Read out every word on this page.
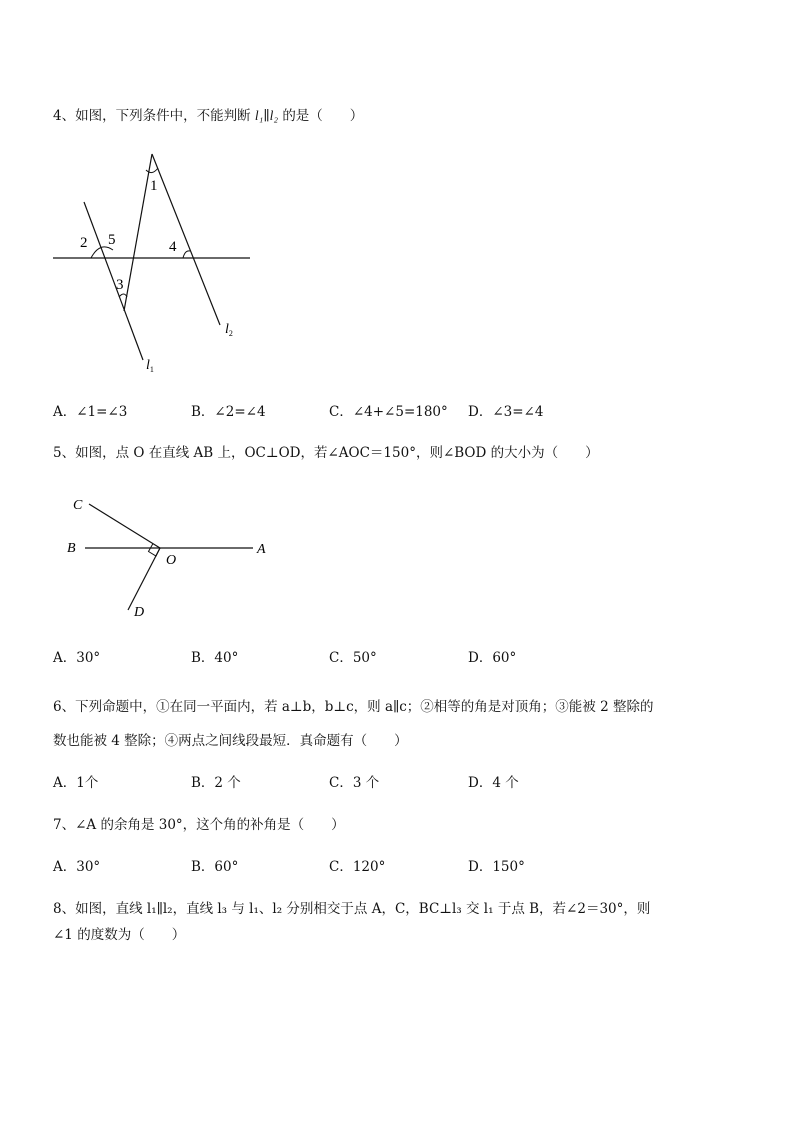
4、如图，下列条件中，不能判断 l₁∥l₂ 的是（　　）
1
2 5
3
4
$l_2$
$l_1$
A．∠1=∠3	B．∠2=∠4	C．∠4+∠5=180° D．∠3=∠4
5、如图，点 O 在直线 AB 上，OC⊥OD，若∠AOC＝150°，则∠BOD 的大小为（　　）
C
B
O
A
D
A．30°	B．40°	C．50°	D．60°
6、下列命题中，①在同一平面内，若 a⊥b，b⊥c，则 a∥c；②相等的角是对顶角；③能被 2 整除的
数也能被 4 整除；④两点之间线段最短．真命题有（　　）
A．1个	B．2 个	C．3 个	D．4 个
7、∠A 的余角是 30°，这个角的补角是（　　）
A．30°	B．60°	C．120°	D．150°
8、如图，直线 l₁∥l₂，直线 l₃ 与 l₁、l₂ 分别相交于点 A，C，BC⊥l₃ 交 l₁ 于点 B，若∠2＝30°，则
∠1 的度数为（　　）
